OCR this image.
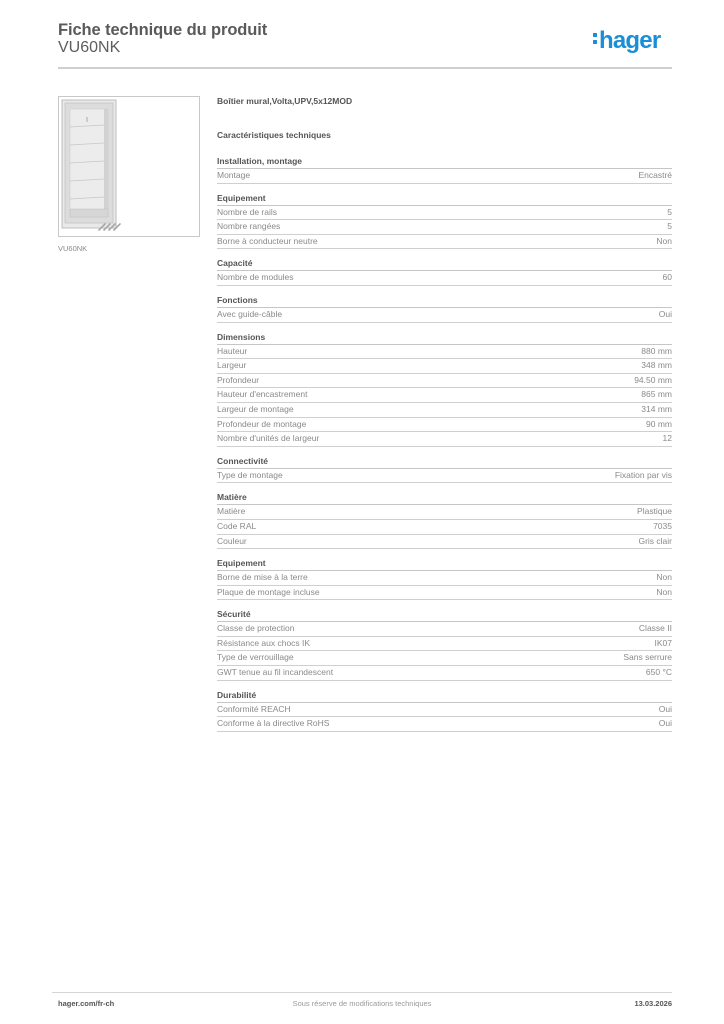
Fiche technique du produit
VU60NK	hager
VU60NK
Boîtier mural,Volta,UPV,5x12MOD
Caractéristiques techniques
Installation, montage
Montage	Encastré
Equipement
Nombre de rails	5
Nombre rangées	5
Borne à conducteur neutre	Non
Capacité
Nombre de modules	60
Fonctions
Avec guide-câble	Oui
Dimensions
Hauteur	880 mm
Largeur	348 mm
Profondeur	94.50 mm
Hauteur d'encastrement	865 mm
Largeur de montage	314 mm
Profondeur de montage	90 mm
Nombre d'unités de largeur	12
Connectivité
Type de montage	Fixation par vis
Matière
Matière	Plastique
Code RAL	7035
Couleur	Gris clair
Equipement
Borne de mise à la terre	Non
Plaque de montage incluse	Non
Sécurité
Classe de protection	Classe II
Résistance aux chocs IK	IK07
Type de verrouillage	Sans serrure
GWT tenue au fil incandescent	650 °C
Durabilité
Conformité REACH	Oui
Conforme à la directive RoHS	Oui
hager.com/fr-ch	Sous réserve de modifications techniques	13.03.2026
